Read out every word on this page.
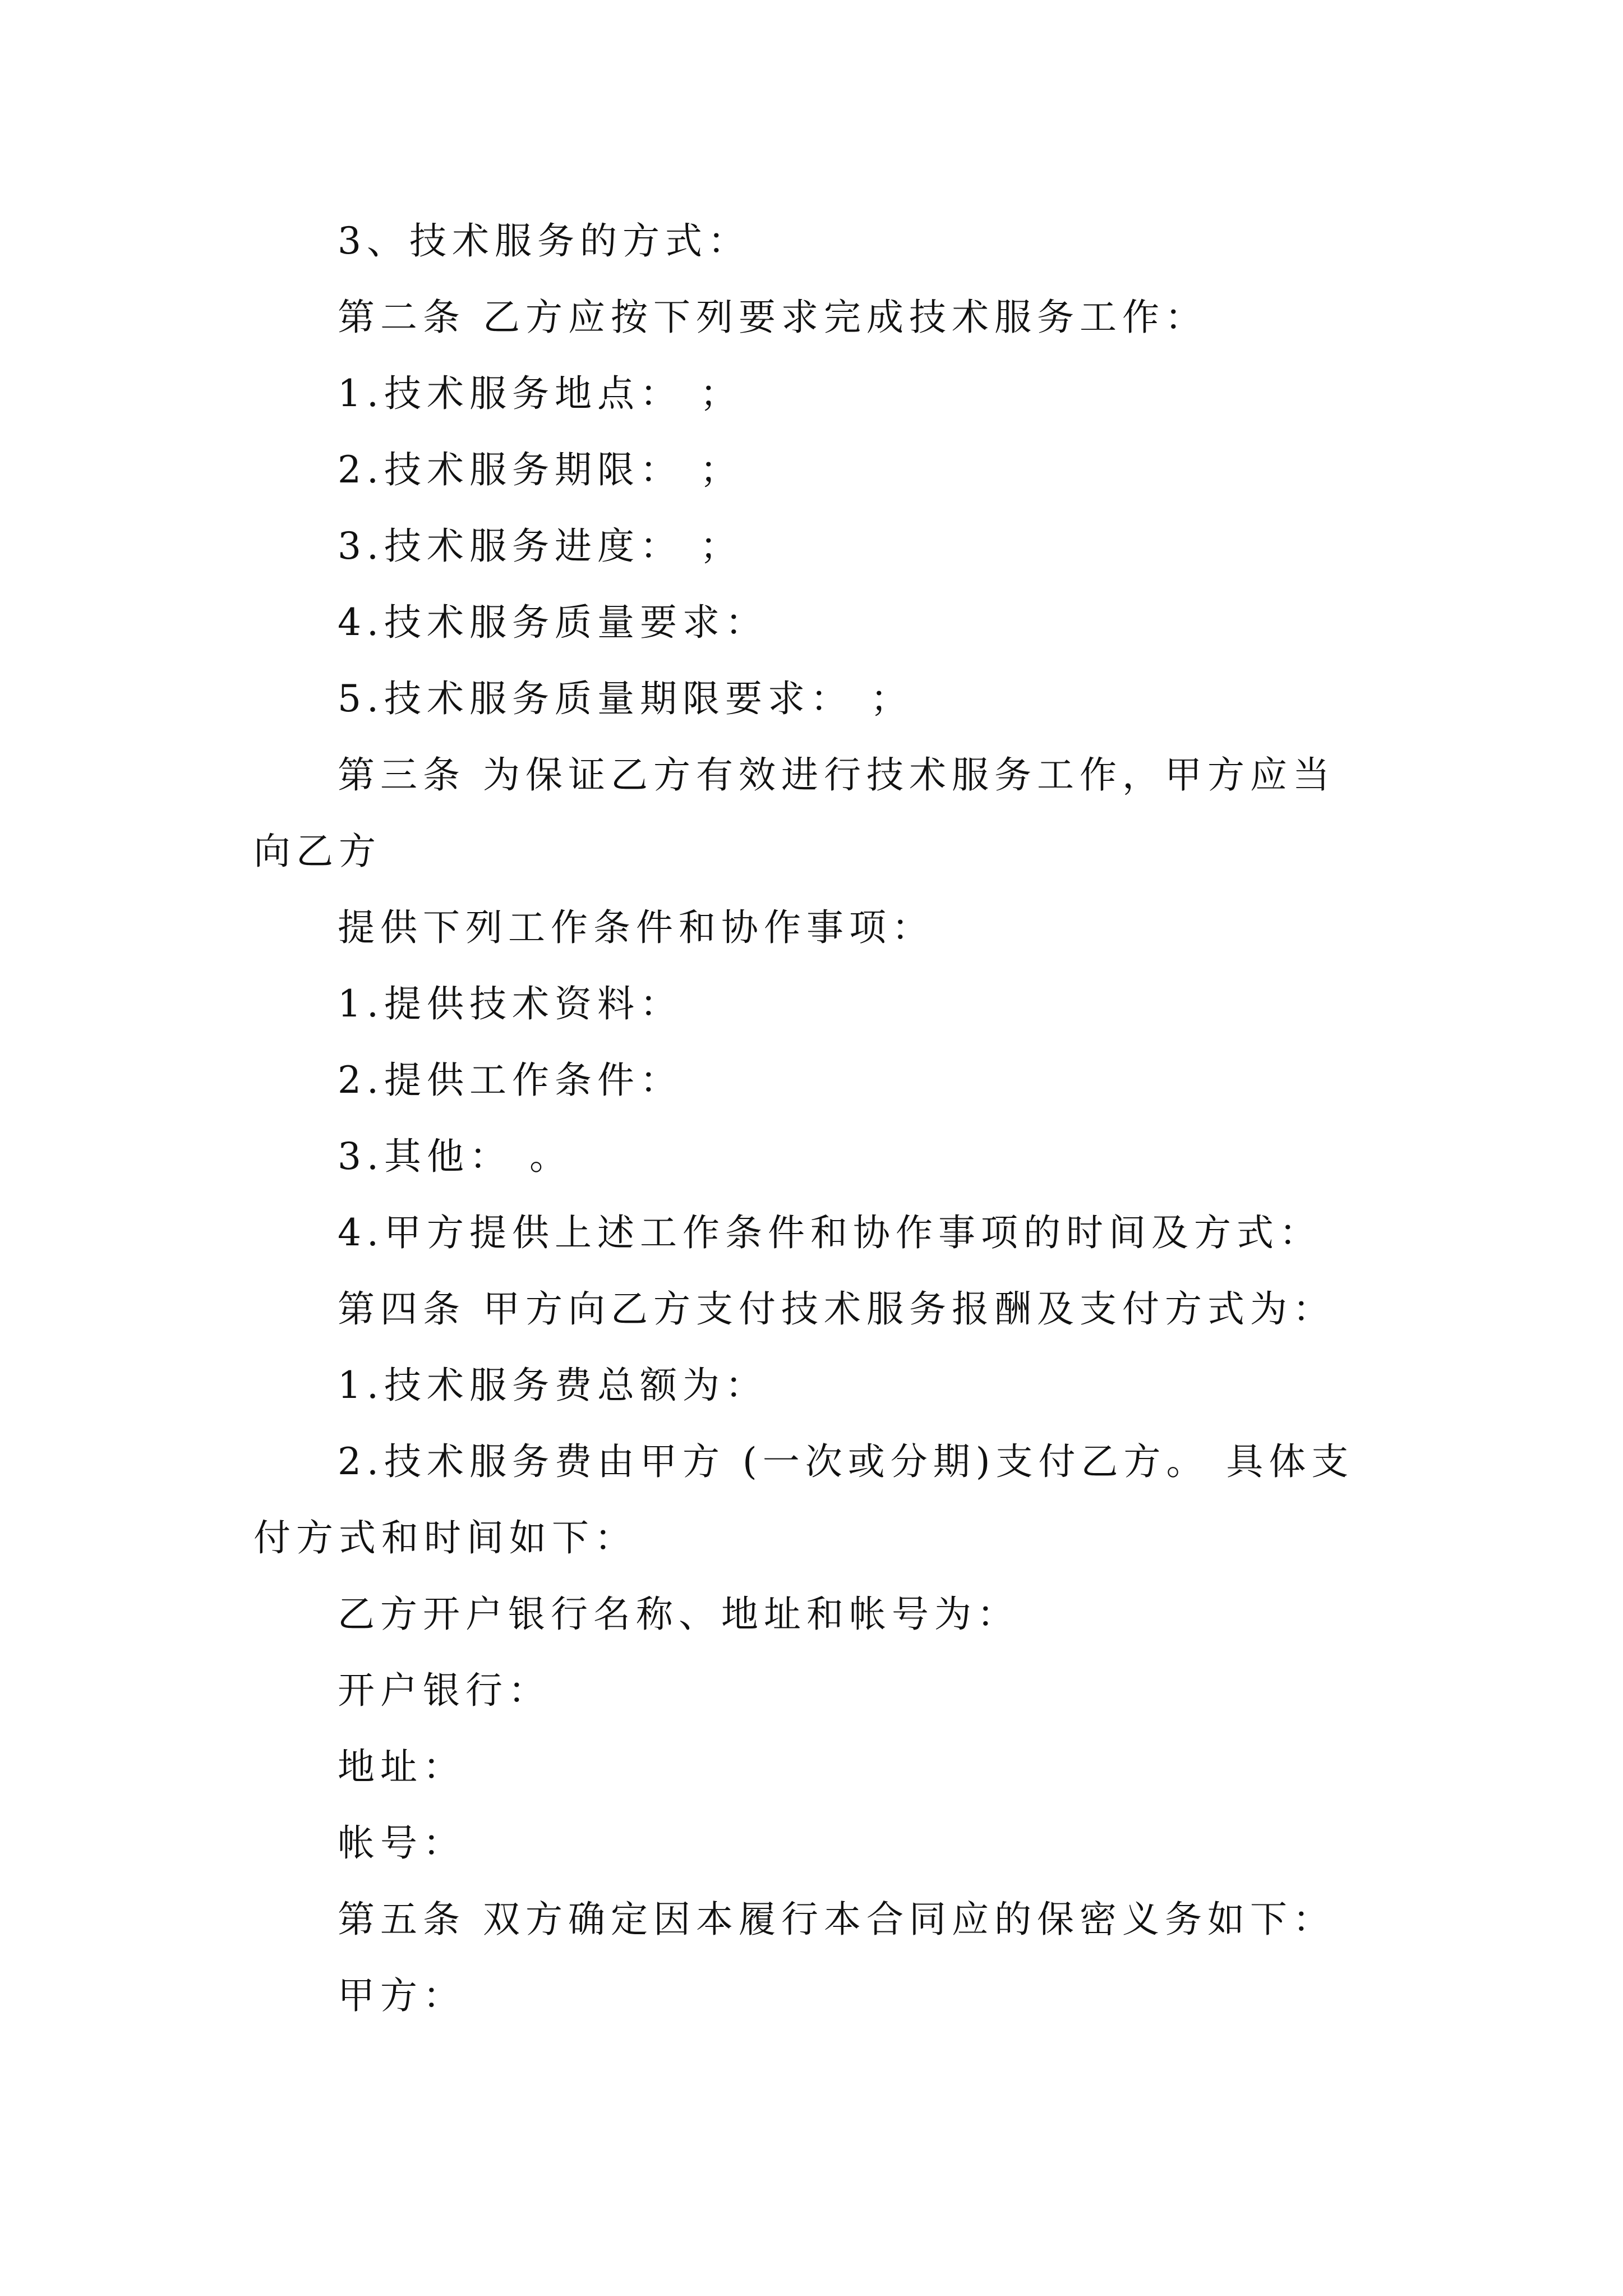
3、技术服务的方式：
第二条 乙方应按下列要求完成技术服务工作：
1.技术服务地点： ；
2.技术服务期限： ；
3.技术服务进度： ；
4.技术服务质量要求：
5.技术服务质量期限要求： ；
第三条 为保证乙方有效进行技术服务工作，甲方应当
向乙方
提供下列工作条件和协作事项：
1.提供技术资料：
2.提供工作条件：
3.其他： 。
4.甲方提供上述工作条件和协作事项的时间及方式：
第四条 甲方向乙方支付技术服务报酬及支付方式为：
1.技术服务费总额为：
2.技术服务费由甲方 (一次或分期)支付乙方。 具体支
付方式和时间如下：
乙方开户银行名称、地址和帐号为：
开户银行：
地址：
帐号：
第五条 双方确定因本履行本合同应的保密义务如下：
甲方：
